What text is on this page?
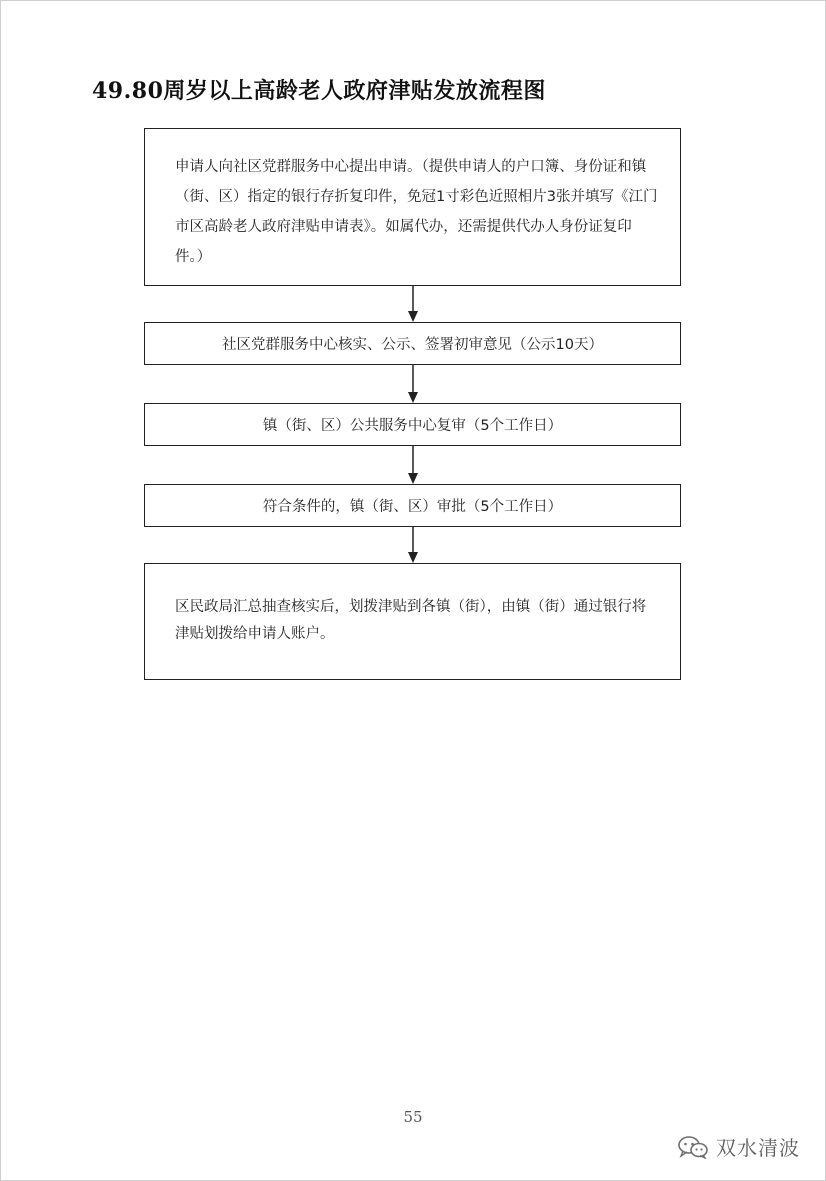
49.80周岁以上高龄老人政府津贴发放流程图
申请人向社区党群服务中心提出申请。（提供申请人的户口簿、身份证和镇（街、区）指定的银行存折复印件，免冠1寸彩色近照相片3张并填写《江门市区高龄老人政府津贴申请表》。如属代办，还需提供代办人身份证复印件。）
社区党群服务中心核实、公示、签署初审意见（公示10天）
镇（街、区）公共服务中心复审（5个工作日）
符合条件的，镇（街、区）审批（5个工作日）
区民政局汇总抽查核实后，划拨津贴到各镇（街），由镇（街）通过银行将津贴划拨给申请人账户。
55
双水清波
